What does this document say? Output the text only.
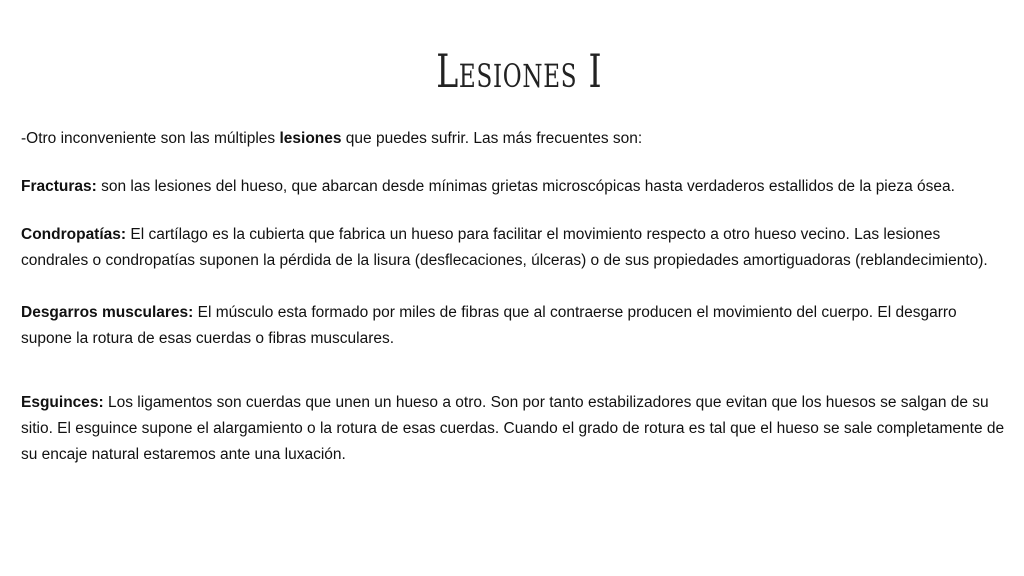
Lesiones I

-Otro inconveniente son las múltiples lesiones que puedes sufrir. Las más frecuentes son:

Fracturas: son las lesiones del hueso, que abarcan desde mínimas grietas microscópicas hasta verdaderos estallidos de la pieza ósea.

Condropatías: El cartílago es la cubierta que fabrica un hueso para facilitar el movimiento respecto a otro hueso vecino. Las lesiones condrales o condropatías suponen la pérdida de la lisura (desflecaciones, úlceras) o de sus propiedades amortiguadoras (reblandecimiento).

Desgarros musculares: El músculo esta formado por miles de fibras que al contraerse producen el movimiento del cuerpo. El desgarro supone la rotura de esas cuerdas o fibras musculares.

Esguinces: Los ligamentos son cuerdas que unen un hueso a otro. Son por tanto estabilizadores que evitan que los huesos se salgan de su sitio. El esguince supone el alargamiento o la rotura de esas cuerdas. Cuando el grado de rotura es tal que el hueso se sale completamente de su encaje natural estaremos ante una luxación.
